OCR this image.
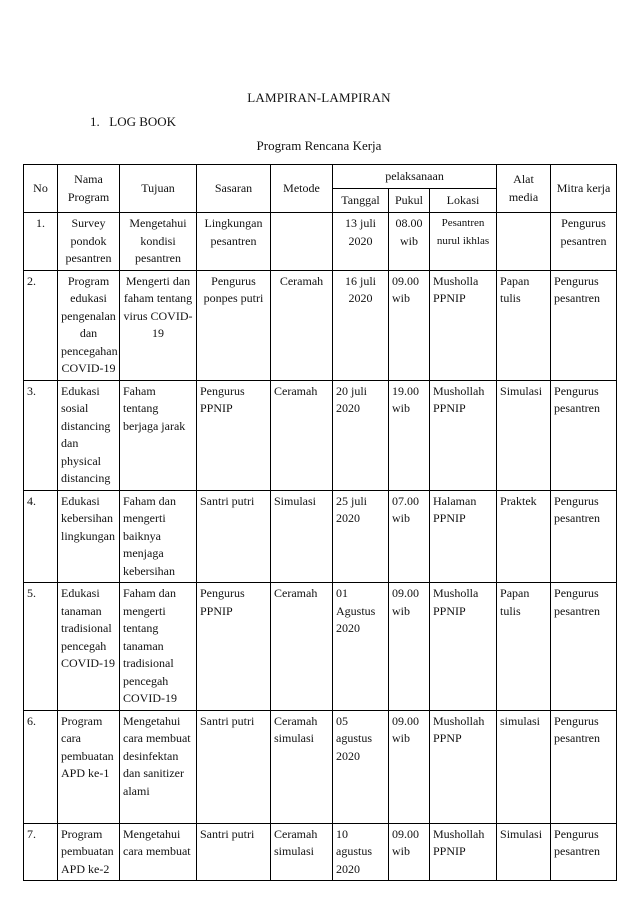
LAMPIRAN-LAMPIRAN
1. LOG BOOK
Program Rencana Kerja
No	Nama Program	Tujuan	Sasaran	Metode	pelaksanaan			Alat media	Mitra kerja
					Tanggal	Pukul	Lokasi		
1.	Survey pondok pesantren	Mengetahui kondisi pesantren	Lingkungan pesantren		13 juli 2020	08.00 wib	Pesantren nurul ikhlas		Pengurus pesantren
2.	Program edukasi pengenalan dan pencegahan COVID-19	Mengerti dan faham tentang virus COVID-19	Pengurus ponpes putri	Ceramah	16 juli 2020	09.00 wib	Musholla PPNIP	Papan tulis	Pengurus pesantren
3.	Edukasi sosial distancing dan physical distancing	Faham tentang berjaga jarak	Pengurus PPNIP	Ceramah	20 juli 2020	19.00 wib	Mushollah PPNIP	Simulasi	Pengurus pesantren
4.	Edukasi kebersihan lingkungan	Faham dan mengerti baiknya menjaga kebersihan	Santri putri	Simulasi	25 juli 2020	07.00 wib	Halaman PPNIP	Praktek	Pengurus pesantren
5.	Edukasi tanaman tradisional pencegah COVID-19	Faham dan mengerti tentang tanaman tradisional pencegah COVID-19	Pengurus PPNIP	Ceramah	01 Agustus 2020	09.00 wib	Musholla PPNIP	Papan tulis	Pengurus pesantren
6.	Program cara pembuatan APD ke-1	Mengetahui cara membuat desinfektan dan sanitizer alami	Santri putri	Ceramah simulasi	05 agustus 2020	09.00 wib	Mushollah PPNP	simulasi	Pengurus pesantren
7.	Program pembuatan APD ke-2	Mengetahui cara membuat	Santri putri	Ceramah simulasi	10 agustus 2020	09.00 wib	Mushollah PPNIP	Simulasi	Pengurus pesantren
